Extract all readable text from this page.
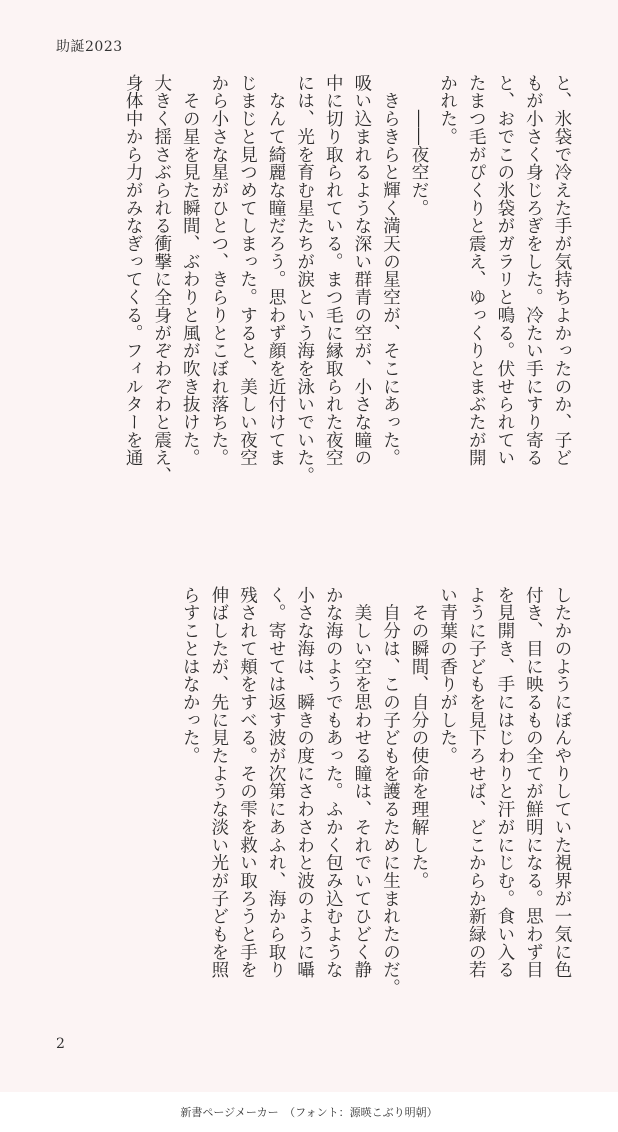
助誕2023

と、氷袋で冷えた手が気持ちよかったのか、子ど

もが小さく身じろぎをした。冷たい手にすり寄る

と、おでこの氷袋がガラリと鳴る。伏せられてい

たまつ毛がぴくりと震え、ゆっくりとまぶたが開

かれた。

　　――夜空だ。

　きらきらと輝く満天の星空が、そこにあった。

吸い込まれるような深い群青の空が、小さな瞳の

中に切り取られている。まつ毛に縁取られた夜空

には、光を育む星たちが涙という海を泳いでいた。

　なんて綺麗な瞳だろう。思わず顔を近付けてま

じまじと見つめてしまった。すると、美しい夜空

から小さな星がひとつ、きらりとこぼれ落ちた。

　その星を見た瞬間、ぶわりと風が吹き抜けた。

大きく揺さぶられる衝撃に全身がぞわぞわと震え、

身体中から力がみなぎってくる。フィルターを通

したかのようにぼんやりしていた視界が一気に色

付き、目に映るもの全てが鮮明になる。思わず目

を見開き、手にはじわりと汗がにじむ。食い入る

ように子どもを見下ろせば、どこからか新緑の若

い青葉の香りがした。

　その瞬間、自分の使命を理解した。

　自分は、この子どもを護るために生まれたのだ。

　美しい空を思わせる瞳は、それでいてひどく静

かな海のようでもあった。ふかく包み込むような

小さな海は、瞬きの度にさわさわと波のように囁

く。寄せては返す波が次第にあふれ、海から取り

残されて頬をすべる。その雫を救い取ろうと手を

伸ばしたが、先に見たような淡い光が子どもを照

らすことはなかった。

2
新書ページメーカー　（フォント：源暎こぶり明朝）
